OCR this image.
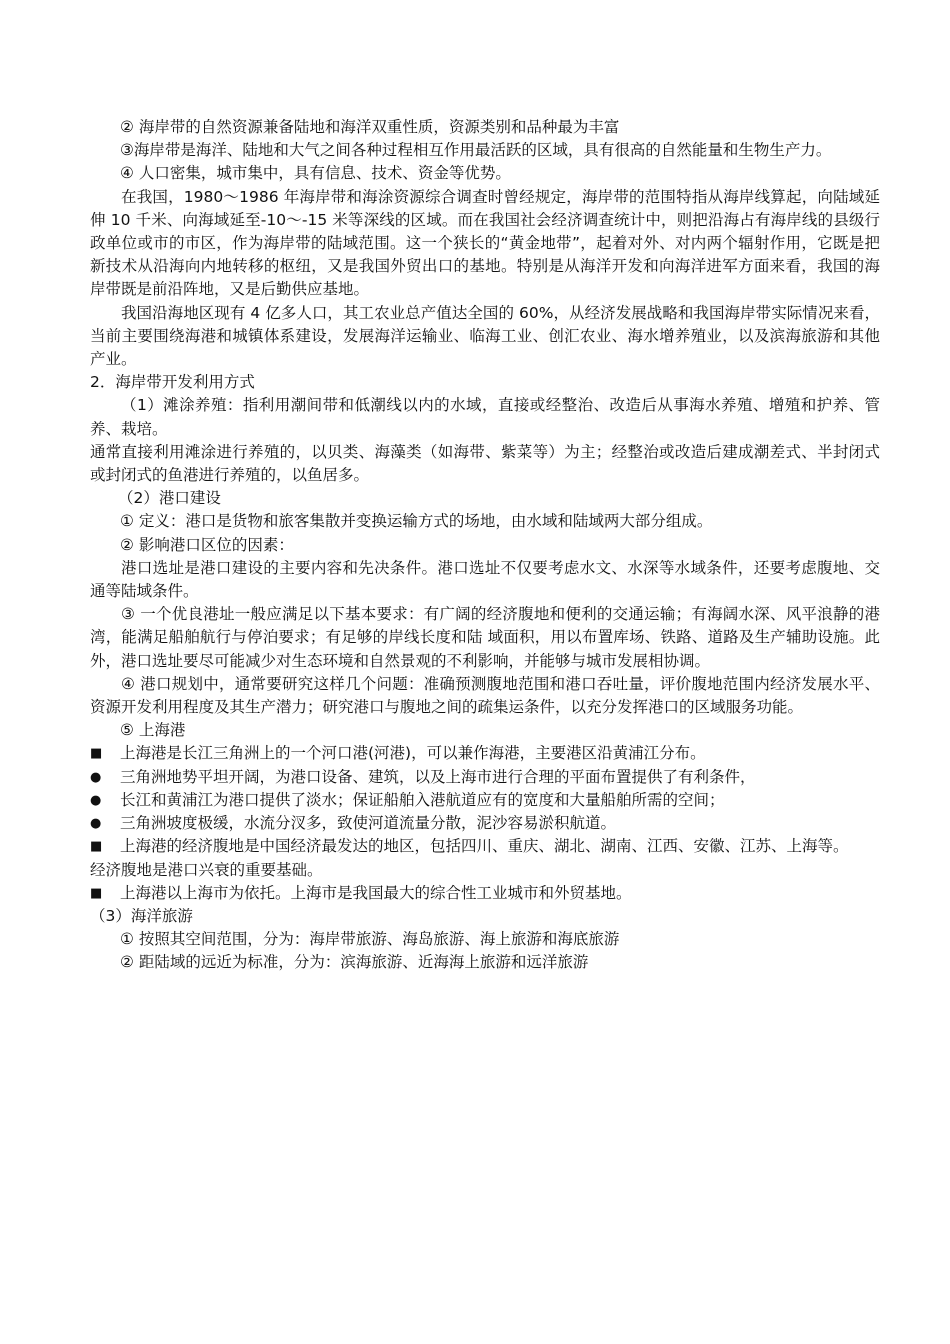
② 海岸带的自然资源兼备陆地和海洋双重性质，资源类别和品种最为丰富

③海岸带是海洋、陆地和大气之间各种过程相互作用最活跃的区域，具有很高的自然能量和生物生产力。

④ 人口密集，城市集中，具有信息、技术、资金等优势。

在我国，1980～1986 年海岸带和海涂资源综合调查时曾经规定，海岸带的范围特指从海岸线算起，向陆域延伸 10 千米、向海域延至-10～-15 米等深线的区域。而在我国社会经济调查统计中，则把沿海占有海岸线的县级行政单位或市的市区，作为海岸带的陆域范围。这一个狭长的“黄金地带”，起着对外、对内两个辐射作用，它既是把新技术从沿海向内地转移的枢纽，又是我国外贸出口的基地。特别是从海洋开发和向海洋进军方面来看，我国的海岸带既是前沿阵地，又是后勤供应基地。

我国沿海地区现有 4 亿多人口，其工农业总产值达全国的 60%，从经济发展战略和我国海岸带实际情况来看，当前主要围绕海港和城镇体系建设，发展海洋运输业、临海工业、创汇农业、海水增养殖业，以及滨海旅游和其他产业。

2．海岸带开发利用方式

（1）滩涂养殖：指利用潮间带和低潮线以内的水域，直接或经整治、改造后从事海水养殖、增殖和护养、管养、栽培。

通常直接利用滩涂进行养殖的，以贝类、海藻类（如海带、紫菜等）为主；经整治或改造后建成潮差式、半封闭式或封闭式的鱼港进行养殖的，以鱼居多。

（2）港口建设

① 定义：港口是货物和旅客集散并变换运输方式的场地，由水域和陆域两大部分组成。

② 影响港口区位的因素：

港口选址是港口建设的主要内容和先决条件。港口选址不仅要考虑水文、水深等水域条件，还要考虑腹地、交通等陆域条件。

③ 一个优良港址一般应满足以下基本要求：有广阔的经济腹地和便利的交通运输；有海阔水深、风平浪静的港湾，能满足船舶航行与停泊要求；有足够的岸线长度和陆 域面积，用以布置库场、铁路、道路及生产辅助设施。此外，港口选址要尽可能减少对生态环境和自然景观的不利影响，并能够与城市发展相协调。

④ 港口规划中，通常要研究这样几个问题：准确预测腹地范围和港口吞吐量，评价腹地范围内经济发展水平、资源开发利用程度及其生产潜力；研究港口与腹地之间的疏集运条件，以充分发挥港口的区域服务功能。

⑤ 上海港

■	上海港是长江三角洲上的一个河口港(河港)，可以兼作海港，主要港区沿黄浦江分布。
●	三角洲地势平坦开阔，为港口设备、建筑，以及上海市进行合理的平面布置提供了有利条件，
●	长江和黄浦江为港口提供了淡水；保证船舶入港航道应有的宽度和大量船舶所需的空间；
●	三角洲坡度极缓，水流分汊多，致使河道流量分散，泥沙容易淤积航道。
■	上海港的经济腹地是中国经济最发达的地区，包括四川、重庆、湖北、湖南、江西、安徽、江苏、上海等。

经济腹地是港口兴衰的重要基础。

■	上海港以上海市为依托。上海市是我国最大的综合性工业城市和外贸基地。

（3）海洋旅游

① 按照其空间范围，分为：海岸带旅游、海岛旅游、海上旅游和海底旅游

② 距陆域的远近为标准，分为：滨海旅游、近海海上旅游和远洋旅游
